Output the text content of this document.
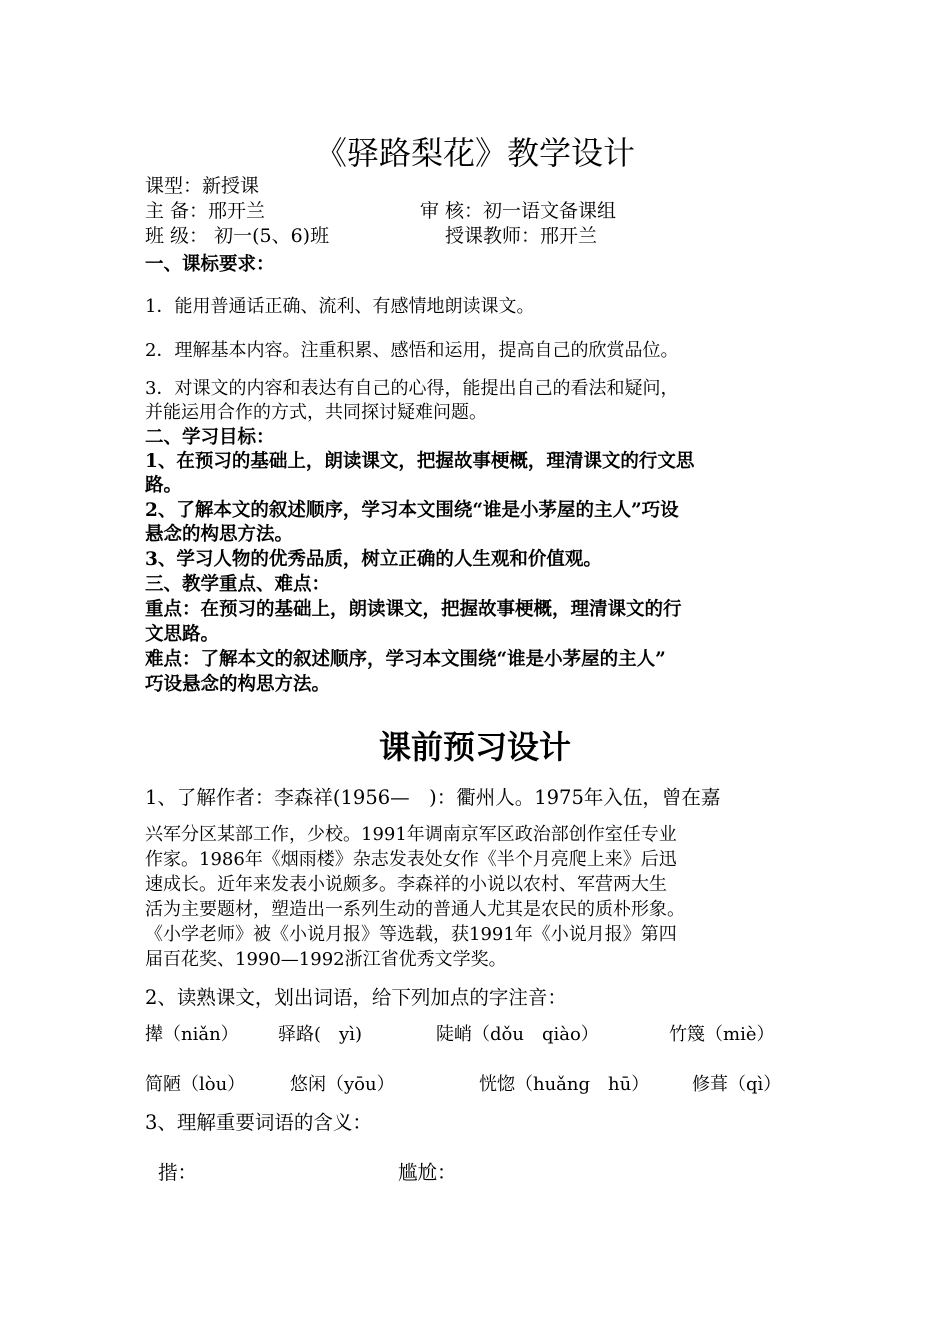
《驿路梨花》教学设计
课型：新授课
主 备：邢开兰	审 核：初一语文备课组
班 级： 初一(5、6)班	授课教师：邢开兰
一、课标要求：
1．能用普通话正确、流利、有感情地朗读课文。
2．理解基本内容。注重积累、感悟和运用，提高自己的欣赏品位。
3．对课文的内容和表达有自己的心得，能提出自己的看法和疑问，
并能运用合作的方式，共同探讨疑难问题。
二、学习目标：
1、在预习的基础上，朗读课文，把握故事梗概，理清课文的行文思
路。
2、了解本文的叙述顺序，学习本文围绕“谁是小茅屋的主人”巧设
悬念的构思方法。
3、学习人物的优秀品质，树立正确的人生观和价值观。
三、教学重点、难点：
重点：在预习的基础上，朗读课文，把握故事梗概，理清课文的行
文思路。
难点：了解本文的叙述顺序，学习本文围绕“谁是小茅屋的主人”
巧设悬念的构思方法。
课前预习设计
1、了解作者：李森祥(1956—　)：衢州人。1975年入伍，曾在嘉
兴军分区某部工作，少校。1991年调南京军区政治部创作室任专业
作家。1986年《烟雨楼》杂志发表处女作《半个月亮爬上来》后迅
速成长。近年来发表小说颇多。李森祥的小说以农村、军营两大生
活为主要题材，塑造出一系列生动的普通人尤其是农民的质朴形象。
《小学老师》被《小说月报》等选载，获1991年《小说月报》第四
届百花奖、1990—1992浙江省优秀文学奖。
2、读熟课文，划出词语，给下列加点的字注音：
撵（niǎn） 驿路(　yì)	陡峭（dǒu　qiào）	竹篾（miè）
简陋（lòu） 悠闲（yōu）	恍惚（huǎng　hū） 修葺（qì）
3、理解重要词语的含义：
揩：	尴尬：
